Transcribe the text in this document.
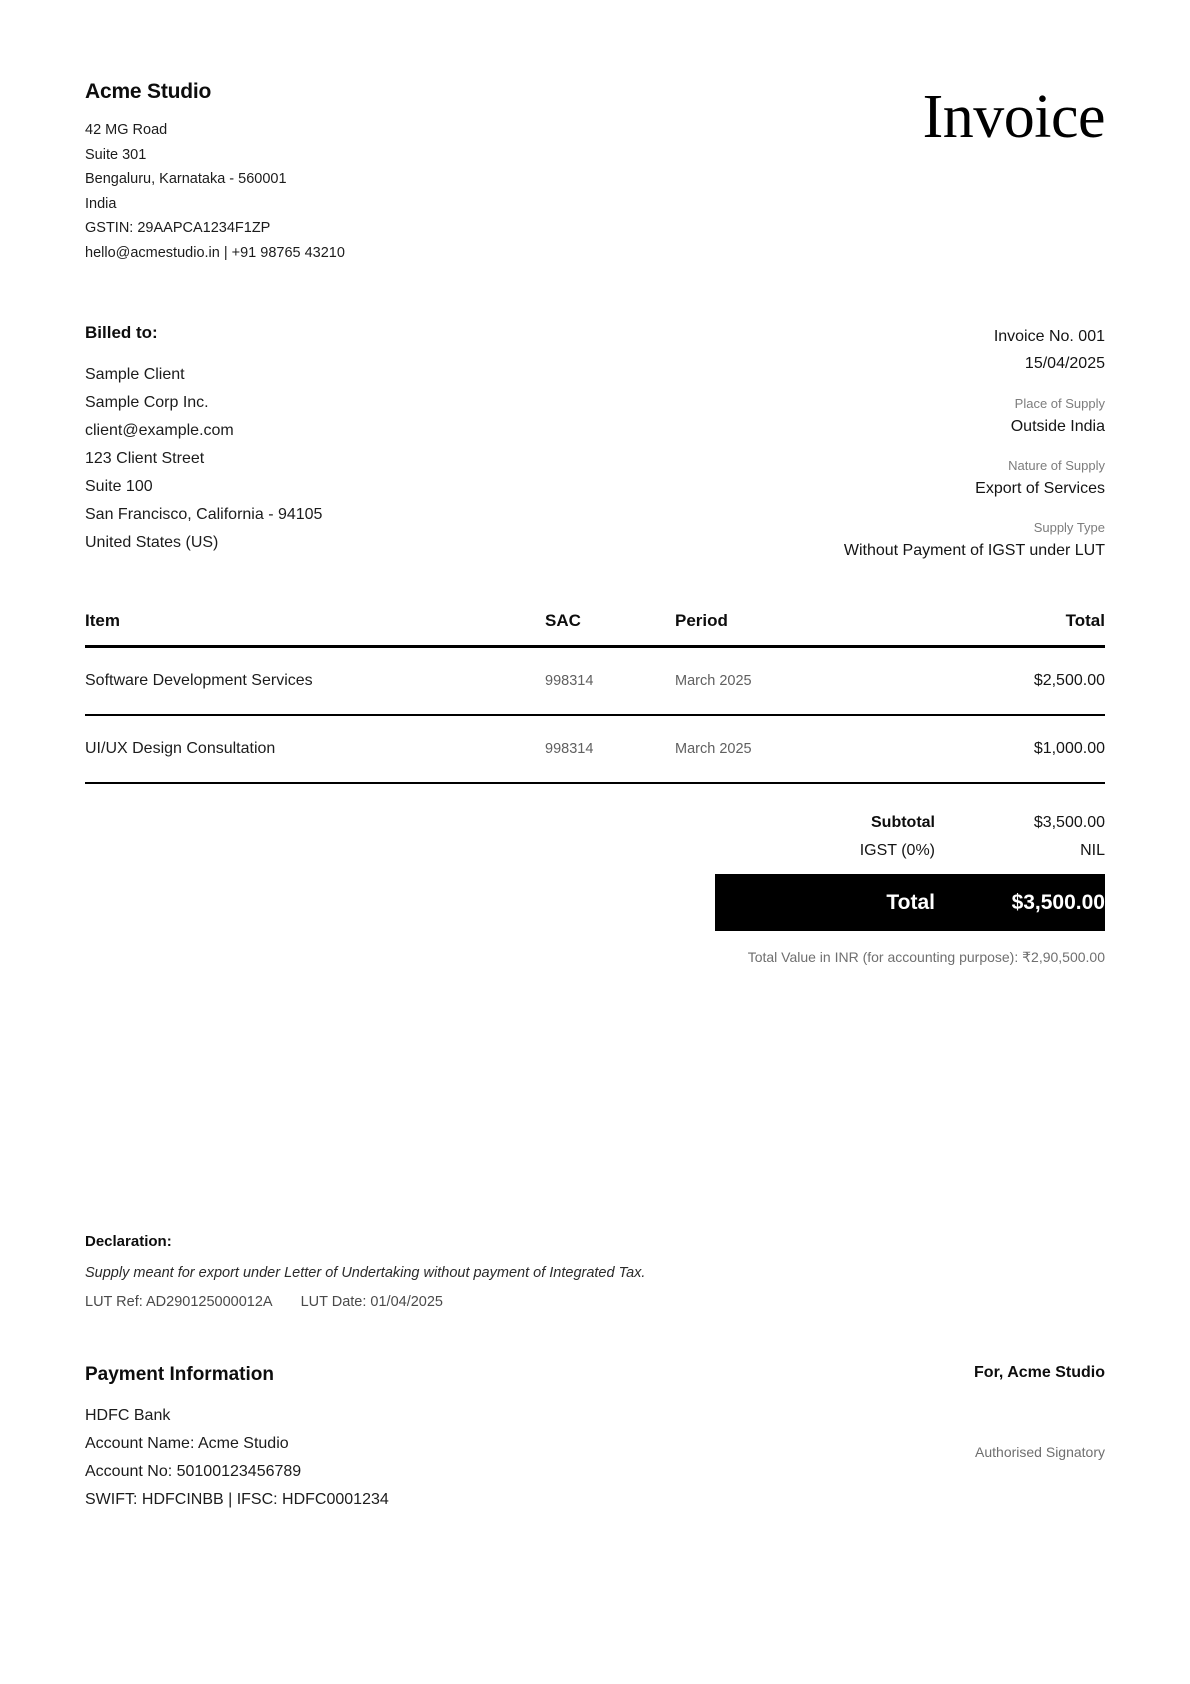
Acme Studio
42 MG Road
Suite 301
Bengaluru, Karnataka - 560001
India
GSTIN: 29AAPCA1234F1ZP
hello@acmestudio.in | +91 98765 43210
Invoice
Billed to:
Sample Client
Sample Corp Inc.
client@example.com
123 Client Street
Suite 100
San Francisco, California - 94105
United States (US)
Invoice No. 001
15/04/2025
Place of Supply
Outside India
Nature of Supply
Export of Services
Supply Type
Without Payment of IGST under LUT
Item	SAC	Period	Total
Software Development Services	998314	March 2025	$2,500.00
UI/UX Design Consultation	998314	March 2025	$1,000.00
Subtotal	$3,500.00
IGST (0%)	NIL
Total	$3,500.00
Total Value in INR (for accounting purpose): ₹2,90,500.00
Declaration:
Supply meant for export under Letter of Undertaking without payment of Integrated Tax.
LUT Ref: AD290125000012A LUT Date: 01/04/2025
Payment Information
HDFC Bank
Account Name: Acme Studio
Account No: 50100123456789
SWIFT: HDFCINBB | IFSC: HDFC0001234
For, Acme Studio
Authorised Signatory
